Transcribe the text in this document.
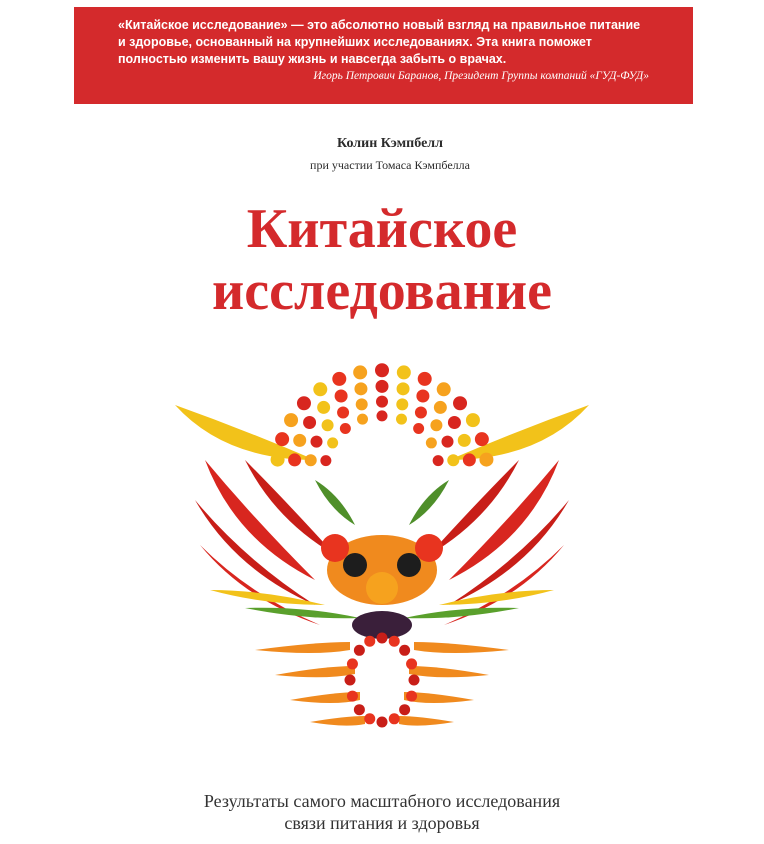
«Китайское исследование» — это абсолютно новый взгляд на правильное питание
и здоровье, основанный на крупнейших исследованиях. Эта книга поможет
полностью изменить вашу жизнь и навсегда забыть о врачах.
Игорь Петрович Баранов, Президент Группы компаний «ГУД-ФУД»
Колин Кэмпбелл
при участии Томаса Кэмпбелла
Китайское
исследование
Результаты самого масштабного исследования
связи питания и здоровья
